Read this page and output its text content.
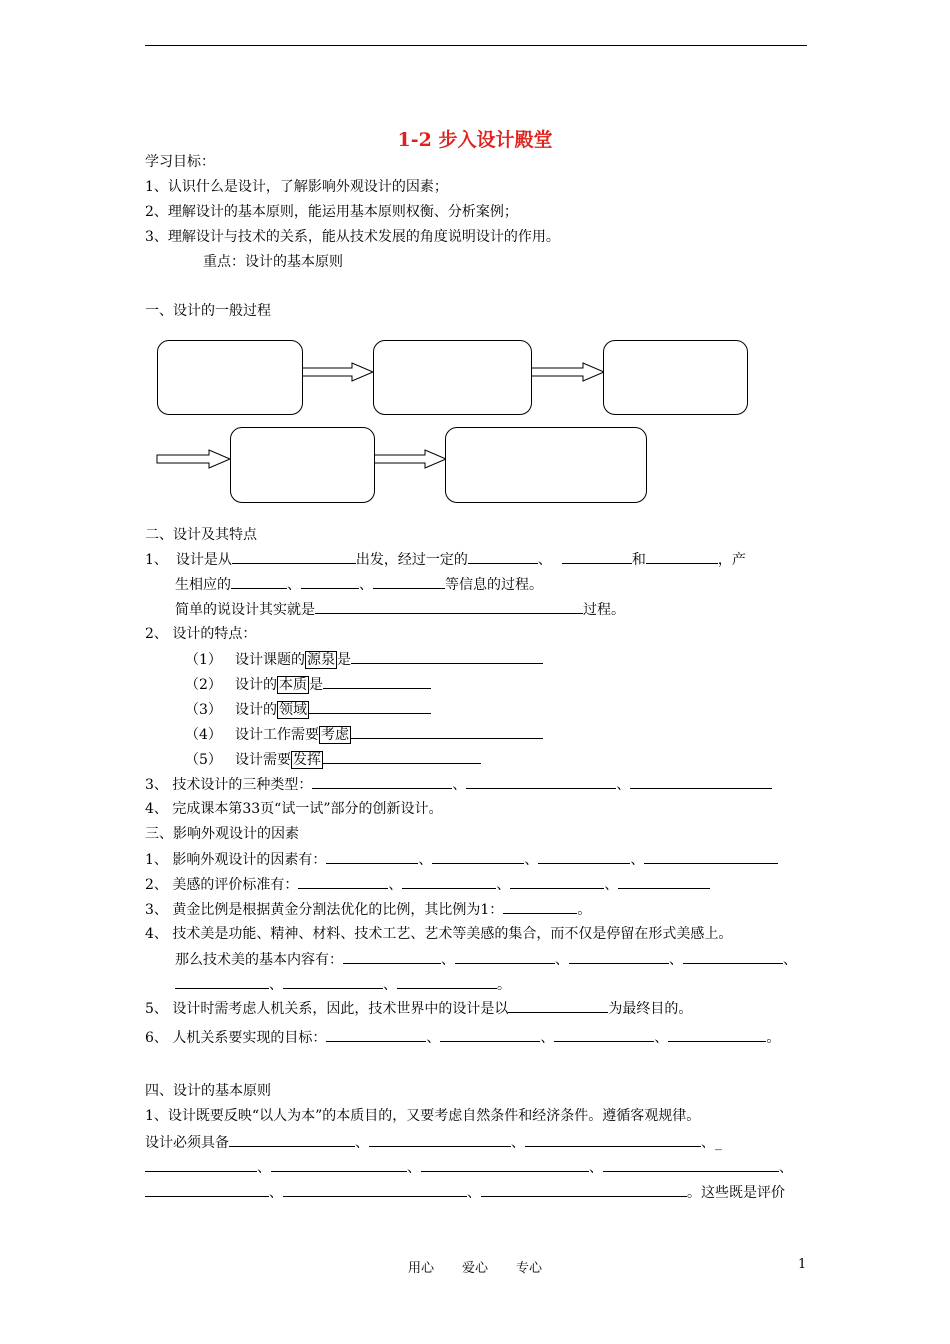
1-2 步入设计殿堂
学习目标：
1、认识什么是设计，了解影响外观设计的因素；
2、理解设计的基本原则，能运用基本原则权衡、分析案例；
3、理解设计与技术的关系，能从技术发展的角度说明设计的作用。
重点：设计的基本原则
一、设计的一般过程
二、设计及其特点
1、 设计是从	出发，经过一定的	、	和	，产
生相应的	、	、	等信息的过程。
简单的说设计其实就是	过程。
2、 设计的特点：
（1） 设计课题的 源泉 是
（2） 设计的 本质 是
（3） 设计的 领域
（4） 设计工作需要 考虑
（5） 设计需要 发挥
3、 技术设计的三种类型：	、	、
4、 完成课本第33页“试一试”部分的创新设计。
三、影响外观设计的因素
1、 影响外观设计的因素有：	、	、	、
2、 美感的评价标准有：	、	、	、
3、 黄金比例是根据黄金分割法优化的比例，其比例为1：	。
4、 技术美是功能、精神、材料、技术工艺、艺术等美感的集合，而不仅是停留在形式美感上。
那么技术美的基本内容有：	、	、	、	、
、	、	。
5、 设计时需考虑人机关系，因此，技术世界中的设计是以	为最终目的。
6、 人机关系要实现的目标：	、	、	、	。
四、设计的基本原则
1、设计既要反映“以人为本”的本质目的，又要考虑自然条件和经济条件。遵循客观规律。
设计必须具备	、	、	、_
、	、	、	、
、	、	。这些既是评价
用心 爱心 专心	1
